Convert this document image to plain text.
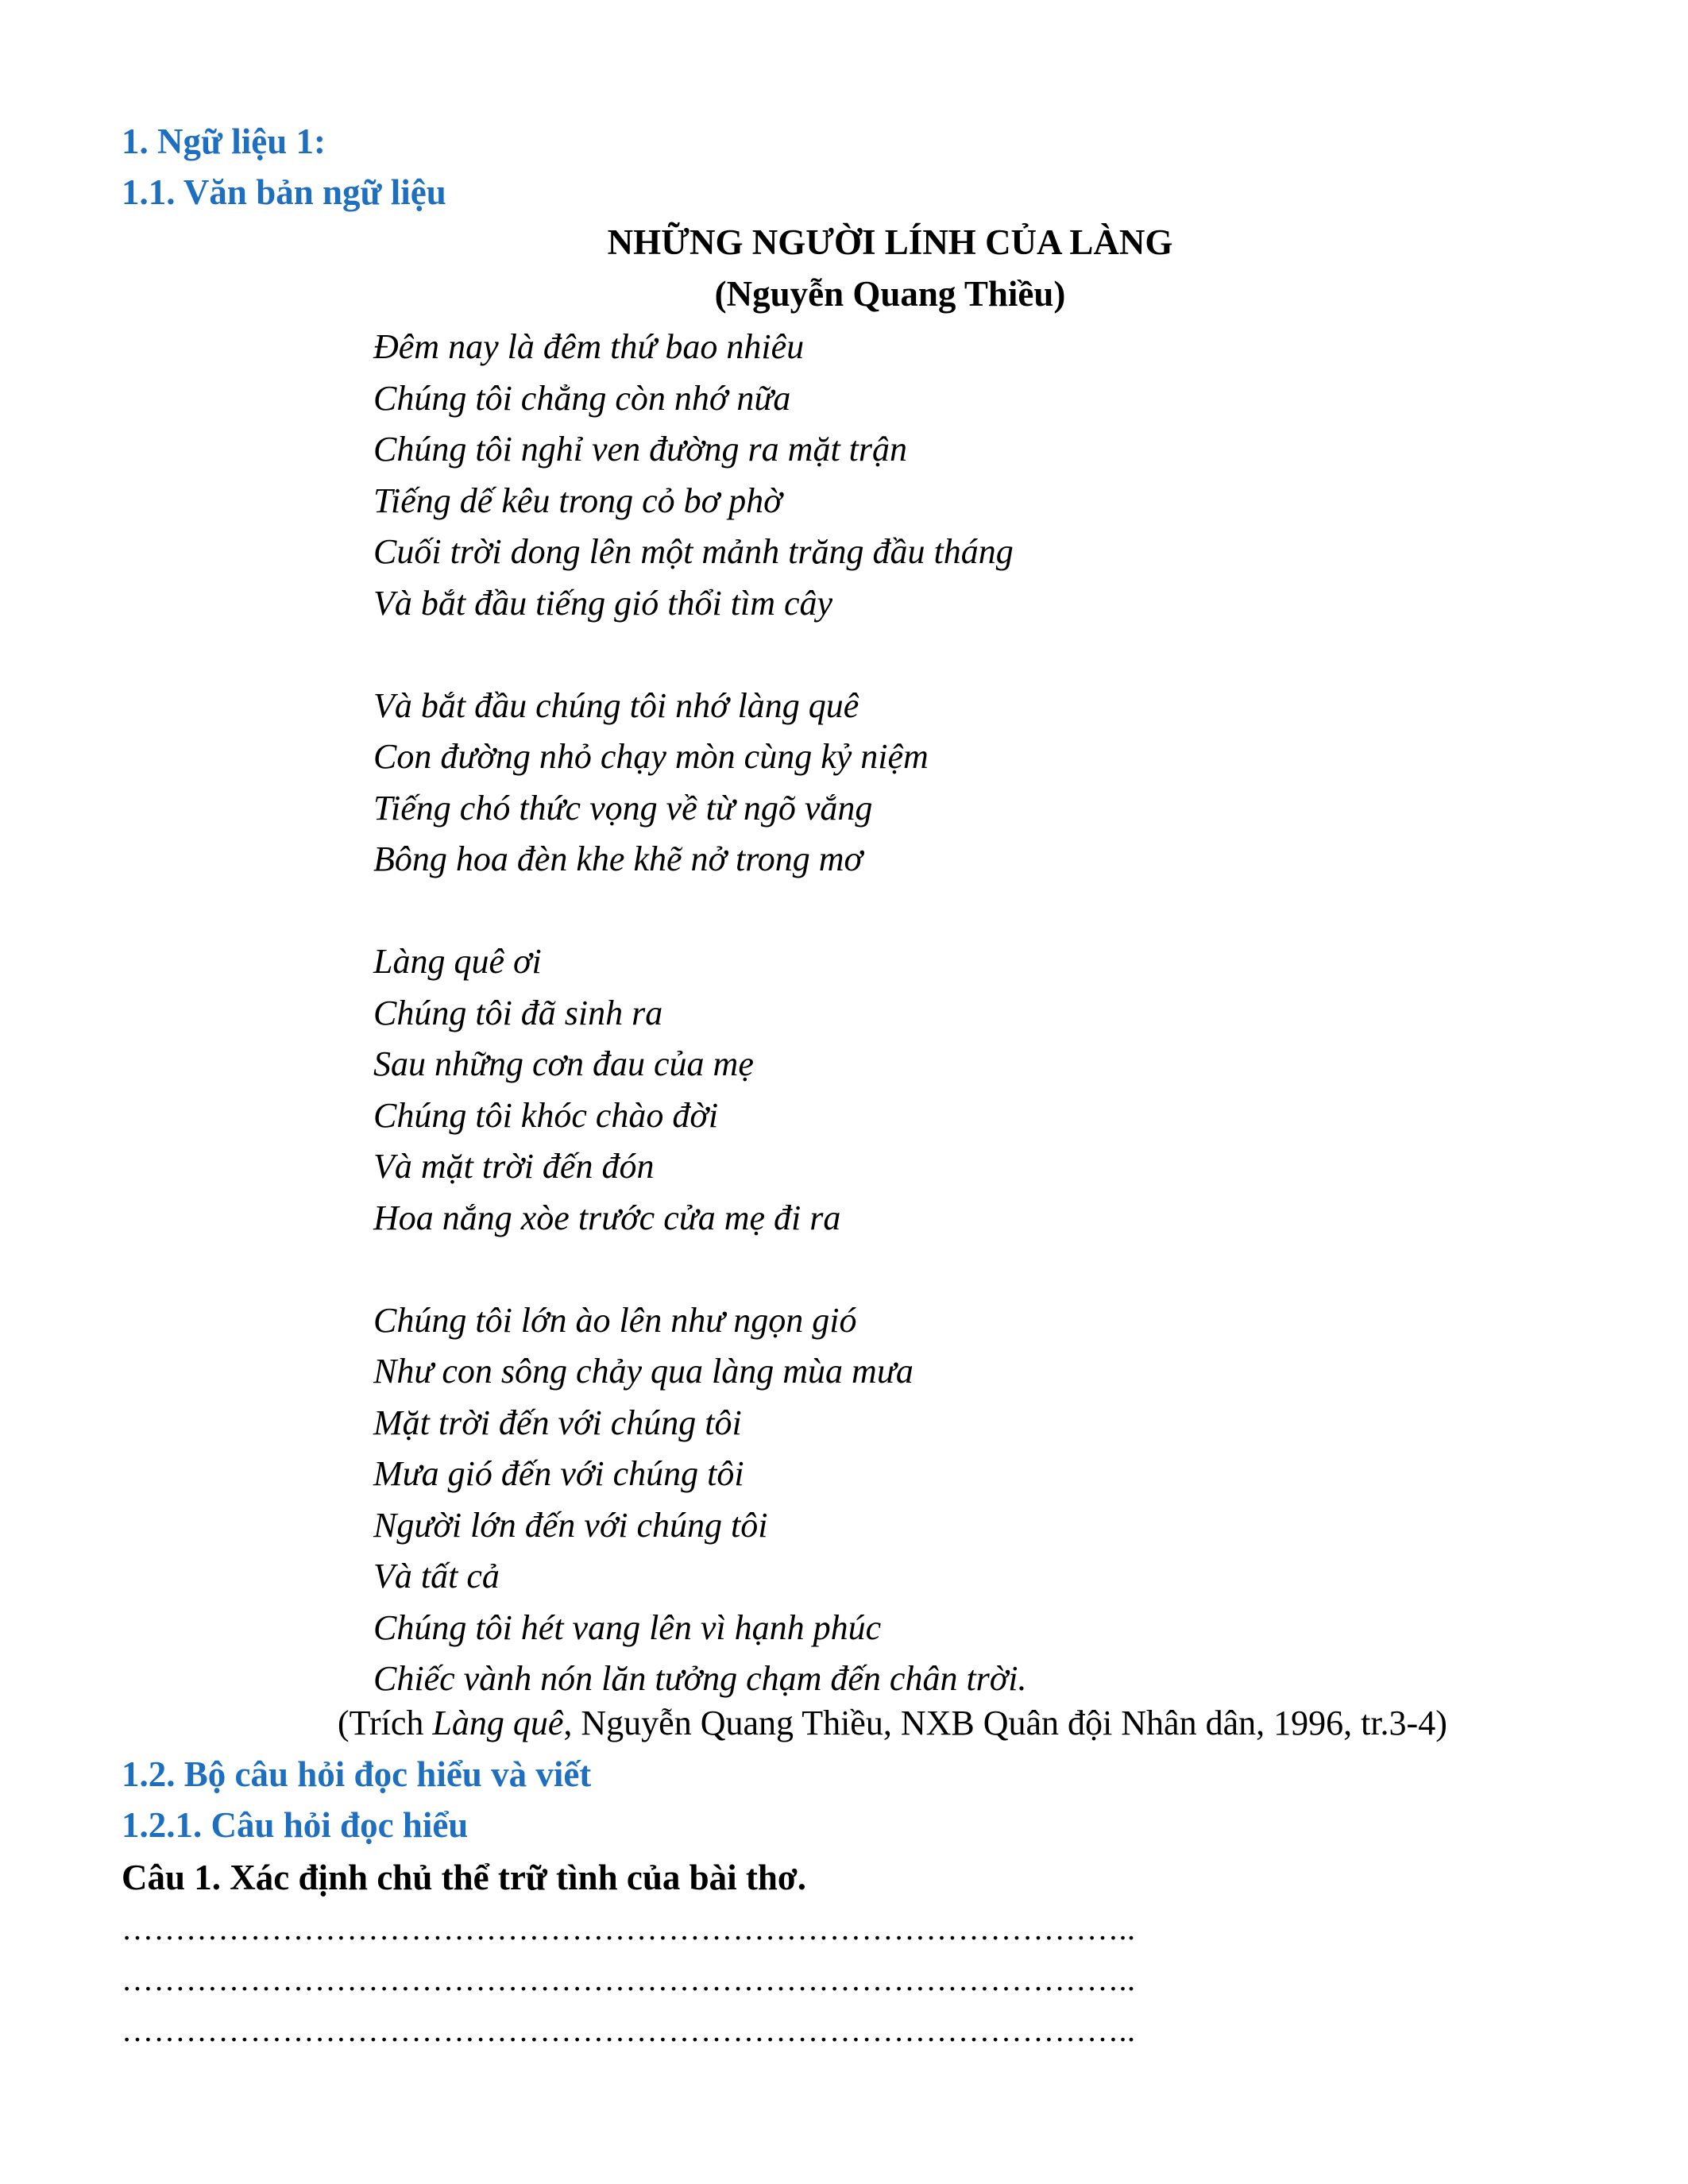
1. Ngữ liệu 1:
1.1. Văn bản ngữ liệu
NHỮNG NGƯỜI LÍNH CỦA LÀNG
(Nguyễn Quang Thiều)
Đêm nay là đêm thứ bao nhiêu
Chúng tôi chẳng còn nhớ nữa
Chúng tôi nghỉ ven đường ra mặt trận
Tiếng dế kêu trong cỏ bơ phờ
Cuối trời dong lên một mảnh trăng đầu tháng
Và bắt đầu tiếng gió thổi tìm cây
Và bắt đầu chúng tôi nhớ làng quê
Con đường nhỏ chạy mòn cùng kỷ niệm
Tiếng chó thức vọng về từ ngõ vắng
Bông hoa đèn khe khẽ nở trong mơ
Làng quê ơi
Chúng tôi đã sinh ra
Sau những cơn đau của mẹ
Chúng tôi khóc chào đời
Và mặt trời đến đón
Hoa nắng xòe trước cửa mẹ đi ra
Chúng tôi lớn ào lên như ngọn gió
Như con sông chảy qua làng mùa mưa
Mặt trời đến với chúng tôi
Mưa gió đến với chúng tôi
Người lớn đến với chúng tôi
Và tất cả
Chúng tôi hét vang lên vì hạnh phúc
Chiếc vành nón lăn tưởng chạm đến chân trời.
(Trích Làng quê, Nguyễn Quang Thiều, NXB Quân đội Nhân dân, 1996, tr.3-4)
1.2. Bộ câu hỏi đọc hiểu và viết
1.2.1. Câu hỏi đọc hiểu
Câu 1. Xác định chủ thể trữ tình của bài thơ.
…………………………………………………………………………………..
…………………………………………………………………………………..
…………………………………………………………………………………..
